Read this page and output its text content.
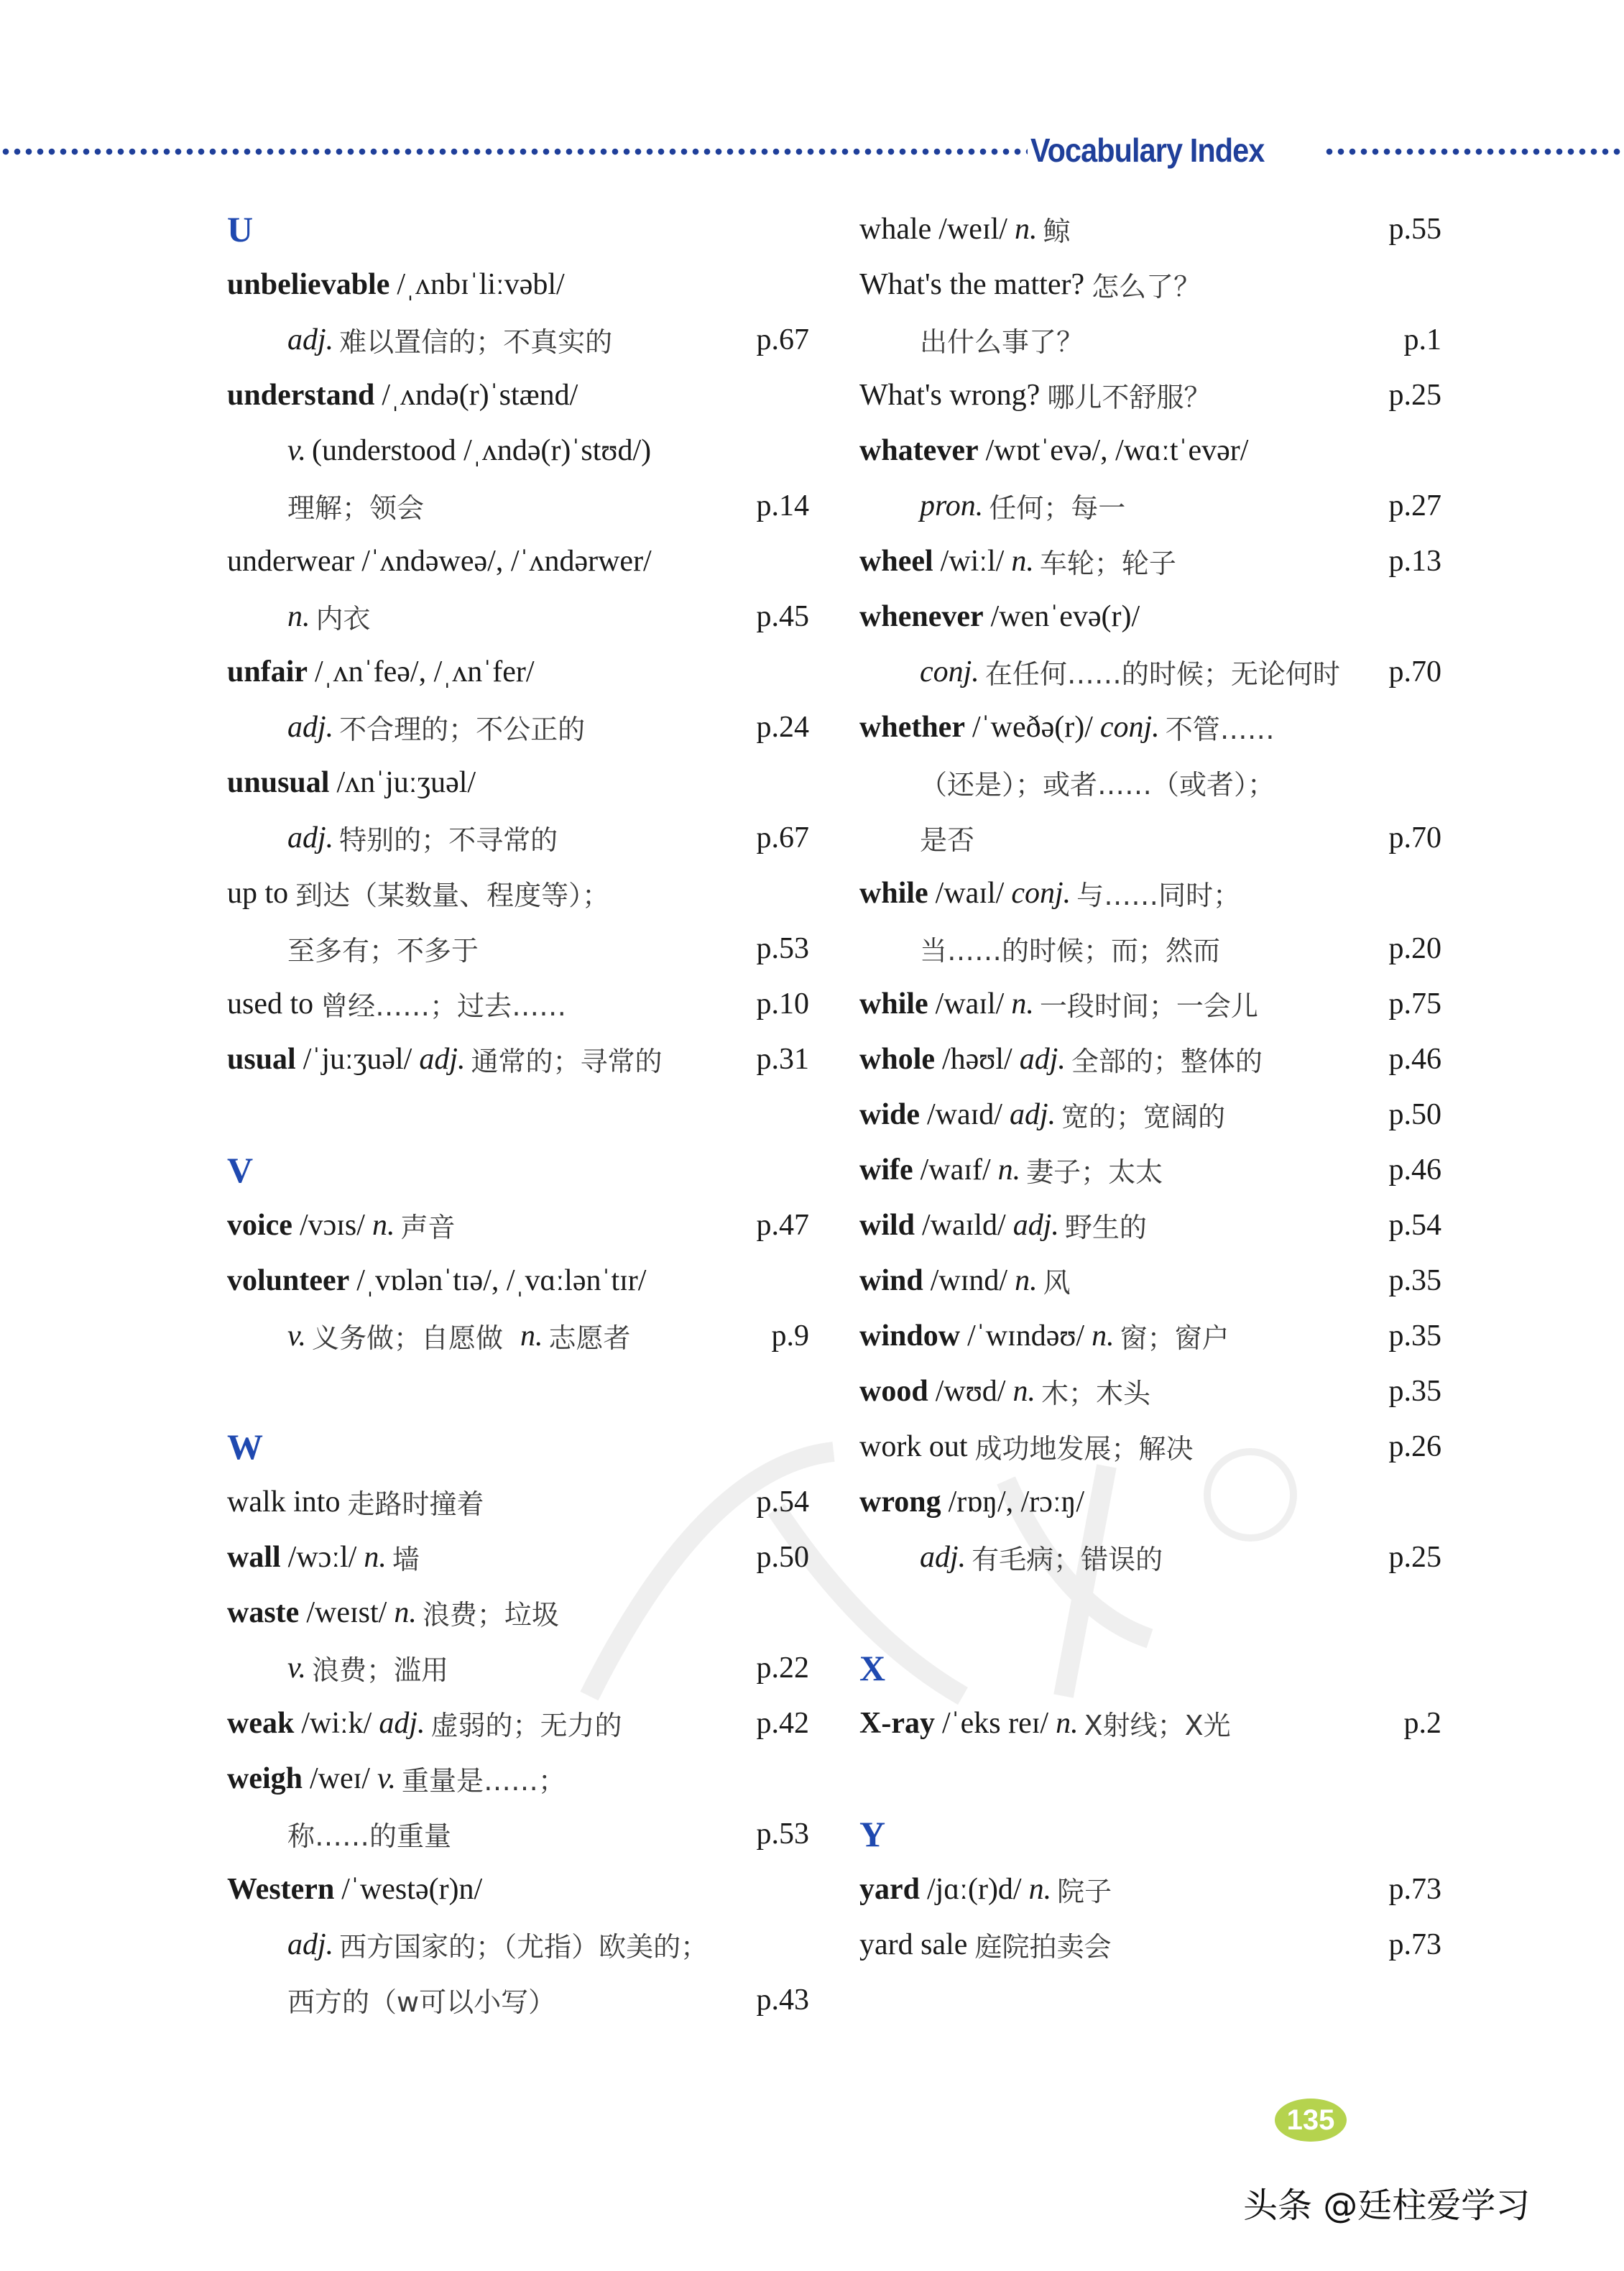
Vocabulary Index
U
unbelievable /ˌʌnbɪˈliːvəbl/
adj. 难以置信的；不真实的	p.67
understand /ˌʌndə(r)ˈstænd/
v. (understood /ˌʌndə(r)ˈstʊd/)
理解；领会	p.14
underwear /ˈʌndəweə/, /ˈʌndərwer/
n. 内衣	p.45
unfair /ˌʌnˈfeə/, /ˌʌnˈfer/
adj. 不合理的；不公正的	p.24
unusual /ʌnˈjuːʒuəl/
adj. 特别的；不寻常的	p.67
up to 到达（某数量、程度等）；
至多有；不多于	p.53
used to 曾经……；过去……	p.10
usual /ˈjuːʒuəl/ adj. 通常的；寻常的	p.31
V
voice /vɔɪs/ n. 声音	p.47
volunteer /ˌvɒlənˈtɪə/, /ˌvɑːlənˈtɪr/
v. 义务做；自愿做 n. 志愿者	p.9
W
walk into 走路时撞着	p.54
wall /wɔːl/ n. 墙	p.50
waste /weɪst/ n. 浪费；垃圾
v. 浪费；滥用	p.22
weak /wiːk/ adj. 虚弱的；无力的	p.42
weigh /weɪ/ v. 重量是……；
称……的重量	p.53
Western /ˈwestə(r)n/
adj. 西方国家的；（尤指）欧美的；
西方的（w可以小写）	p.43
whale /weɪl/ n. 鲸	p.55
What's the matter? 怎么了？
出什么事了？	p.1
What's wrong? 哪儿不舒服？	p.25
whatever /wɒtˈevə/, /wɑːtˈevər/
pron. 任何；每一	p.27
wheel /wiːl/ n. 车轮；轮子	p.13
whenever /wenˈevə(r)/
conj. 在任何……的时候；无论何时 p.70
whether /ˈweðə(r)/ conj. 不管……
（还是）；或者……（或者）；
是否	p.70
while /waɪl/ conj. 与……同时；
当……的时候；而；然而	p.20
while /waɪl/ n. 一段时间；一会儿	p.75
whole /həʊl/ adj. 全部的；整体的	p.46
wide /waɪd/ adj. 宽的；宽阔的	p.50
wife /waɪf/ n. 妻子；太太	p.46
wild /waɪld/ adj. 野生的	p.54
wind /wɪnd/ n. 风	p.35
window /ˈwɪndəʊ/ n. 窗；窗户	p.35
wood /wʊd/ n. 木；木头	p.35
work out 成功地发展；解决	p.26
wrong /rɒŋ/, /rɔːŋ/
adj. 有毛病；错误的	p.25
X
X-ray /ˈeks reɪ/ n. X射线；X光	p.2
Y
yard /jɑː(r)d/ n. 院子	p.73
yard sale 庭院拍卖会	p.73
135
头条 @廷柱爱学习
